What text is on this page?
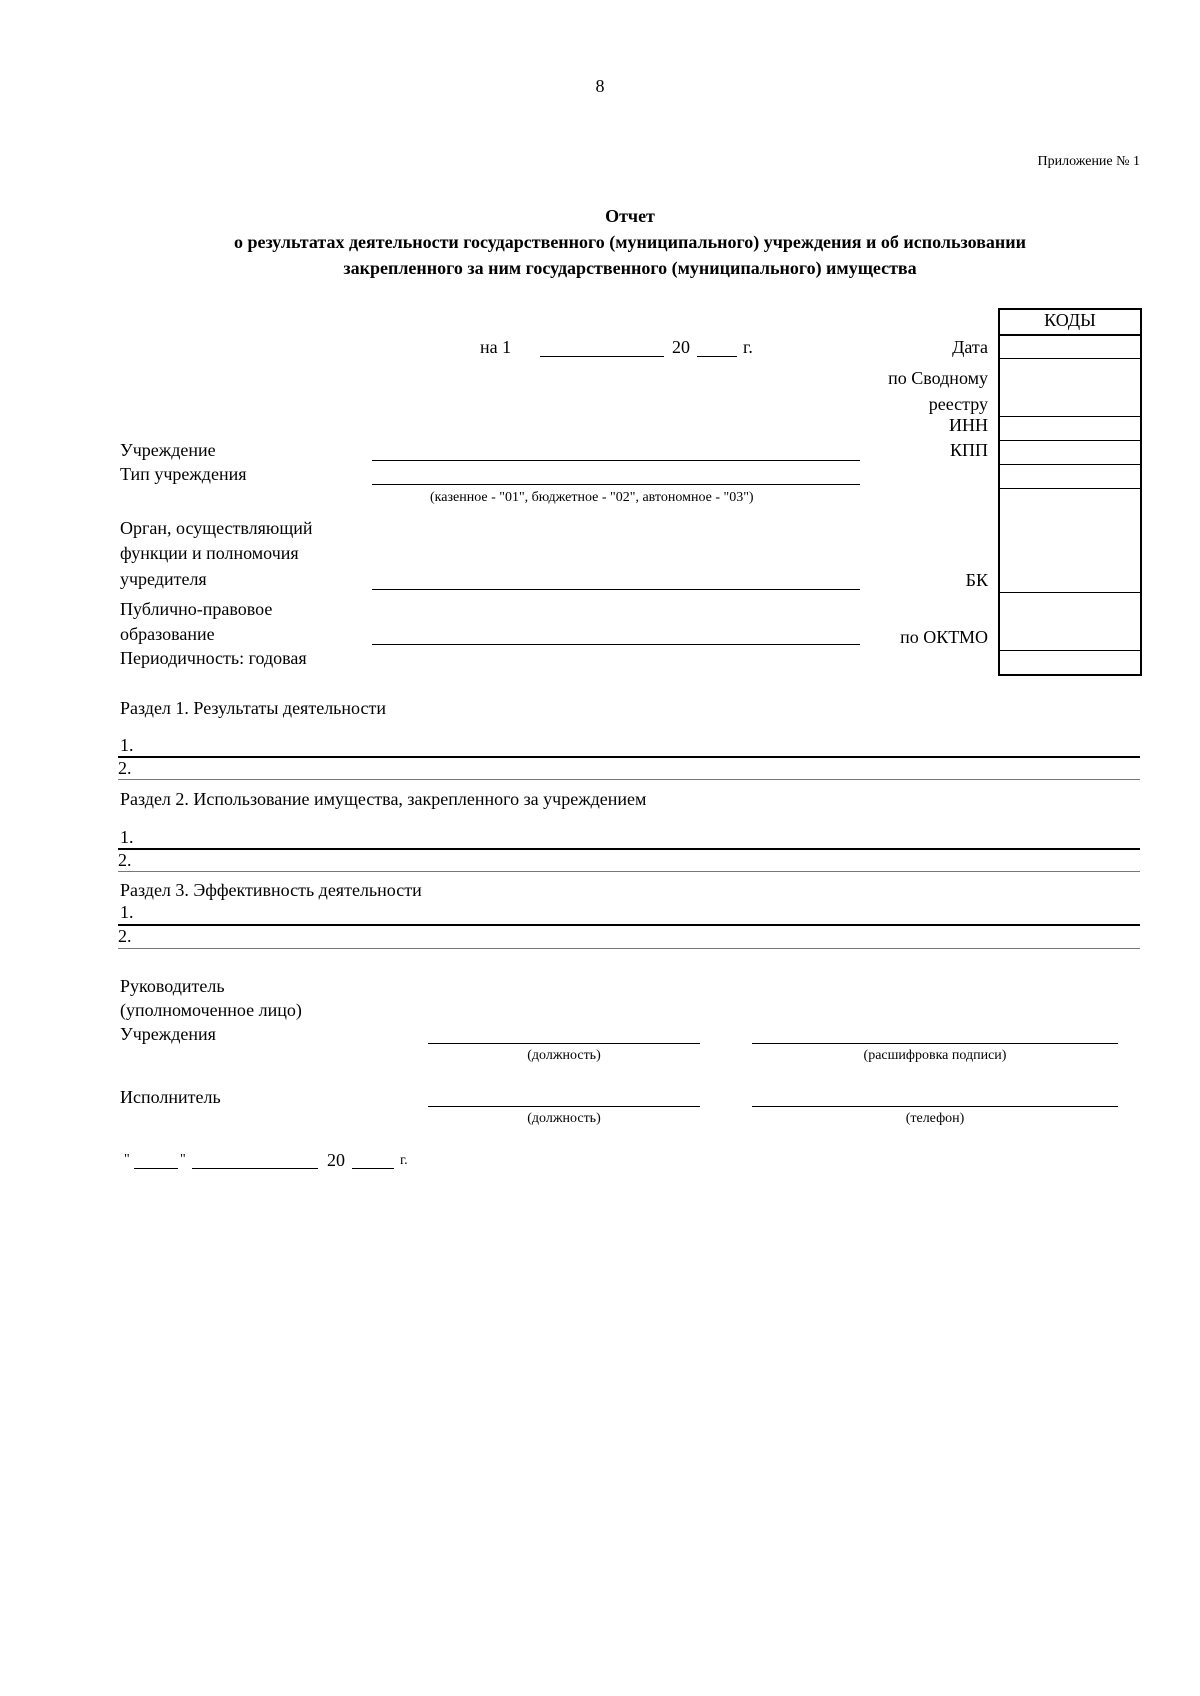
8
Приложение № 1
Отчет
о результатах деятельности государственного (муниципального) учреждения и об использовании
закрепленного за ним государственного (муниципального) имущества
на 1	20	г.	Дата
по Сводному
реестру
ИНН
КПП
БК
по ОКТМО
КОДЫ
Учреждение
Тип учреждения
(казенное - "01", бюджетное - "02", автономное - "03")
Орган, осуществляющий
функции и полномочия
учредителя
Публично-правовое
образование
Периодичность: годовая
Раздел 1. Результаты деятельности
1.
2.
Раздел 2. Использование имущества, закрепленного за учреждением
1.
2.
Раздел 3. Эффективность деятельности
1.
2.
Руководитель
(уполномоченное лицо)
Учреждения
(должность)	(расшифровка подписи)
Исполнитель
(должность)	(телефон)
"	"	20	г.
